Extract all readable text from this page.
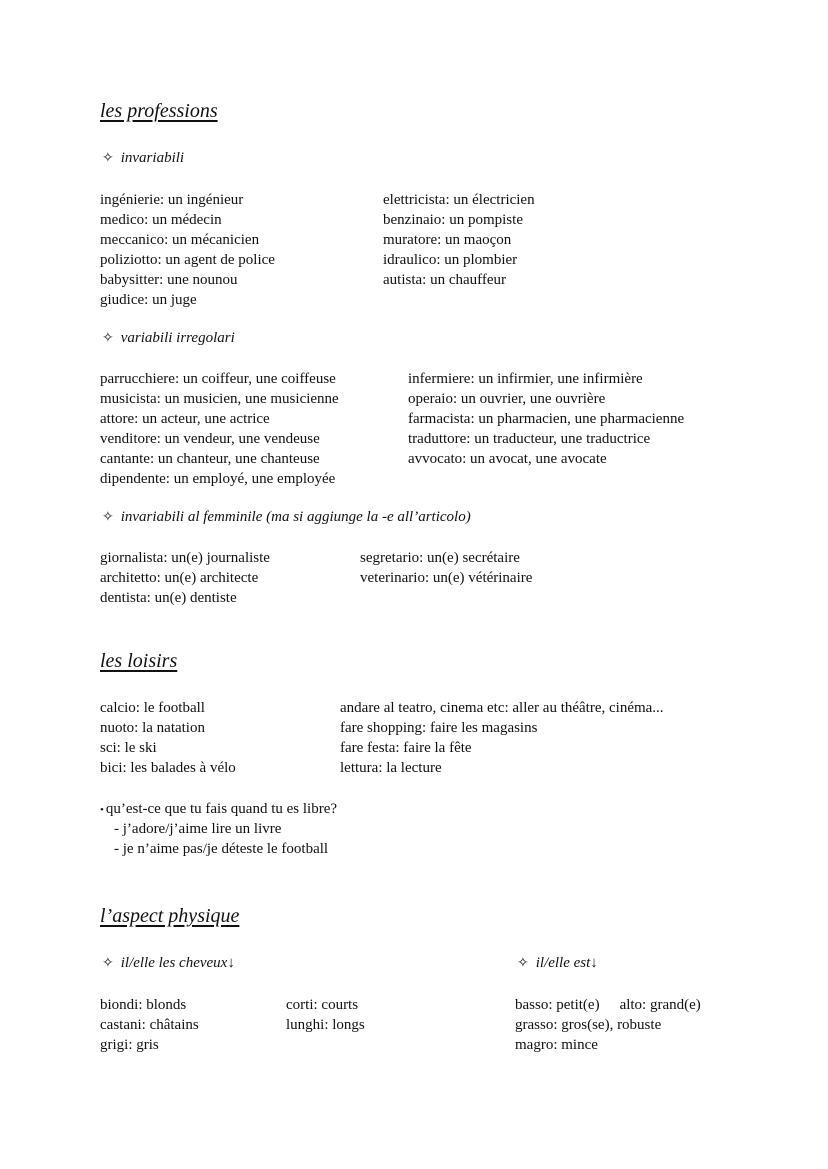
les professions
✧ invariabili
ingénierie: un ingénieur
medico: un médecin
meccanico: un mécanicien
poliziotto: un agent de police
babysitter: une nounou
giudice: un juge
elettricista: un électricien
benzinaio: un pompiste
muratore: un maoçon
idraulico: un plombier
autista: un chauffeur
✧ variabili irregolari
parrucchiere: un coiffeur, une coiffeuse
musicista: un musicien, une musicienne
attore: un acteur, une actrice
venditore: un vendeur, une vendeuse
cantante: un chanteur, une chanteuse
dipendente: un employé, une employée
infermiere: un infirmier, une infirmière
operaio: un ouvrier, une ouvrière
farmacista: un pharmacien, une pharmacienne
traduttore: un traducteur, une traductrice
avvocato: un avocat, une avocate
✧ invariabili al femminile (ma si aggiunge la -e all’articolo)
giornalista: un(e) journaliste
architetto: un(e) architecte
dentista: un(e) dentiste
segretario: un(e) secrétaire
veterinario: un(e) vétérinaire
les loisirs
calcio: le football
nuoto: la natation
sci: le ski
bici: les balades à vélo
andare al teatro, cinema etc: aller au théâtre, cinéma...
fare shopping: faire les magasins
fare festa: faire la fête
lettura: la lecture
• qu’est-ce que tu fais quand tu es libre?
- j’adore/j’aime lire un livre
- je n’aime pas/je déteste le football
l’aspect physique
✧ il/elle les cheveux↓	✧ il/elle est↓
biondi: blonds
castani: châtains
grigi: gris
corti: courts
lunghi: longs
basso: petit(e) alto: grand(e)
grasso: gros(se), robuste
magro: mince
